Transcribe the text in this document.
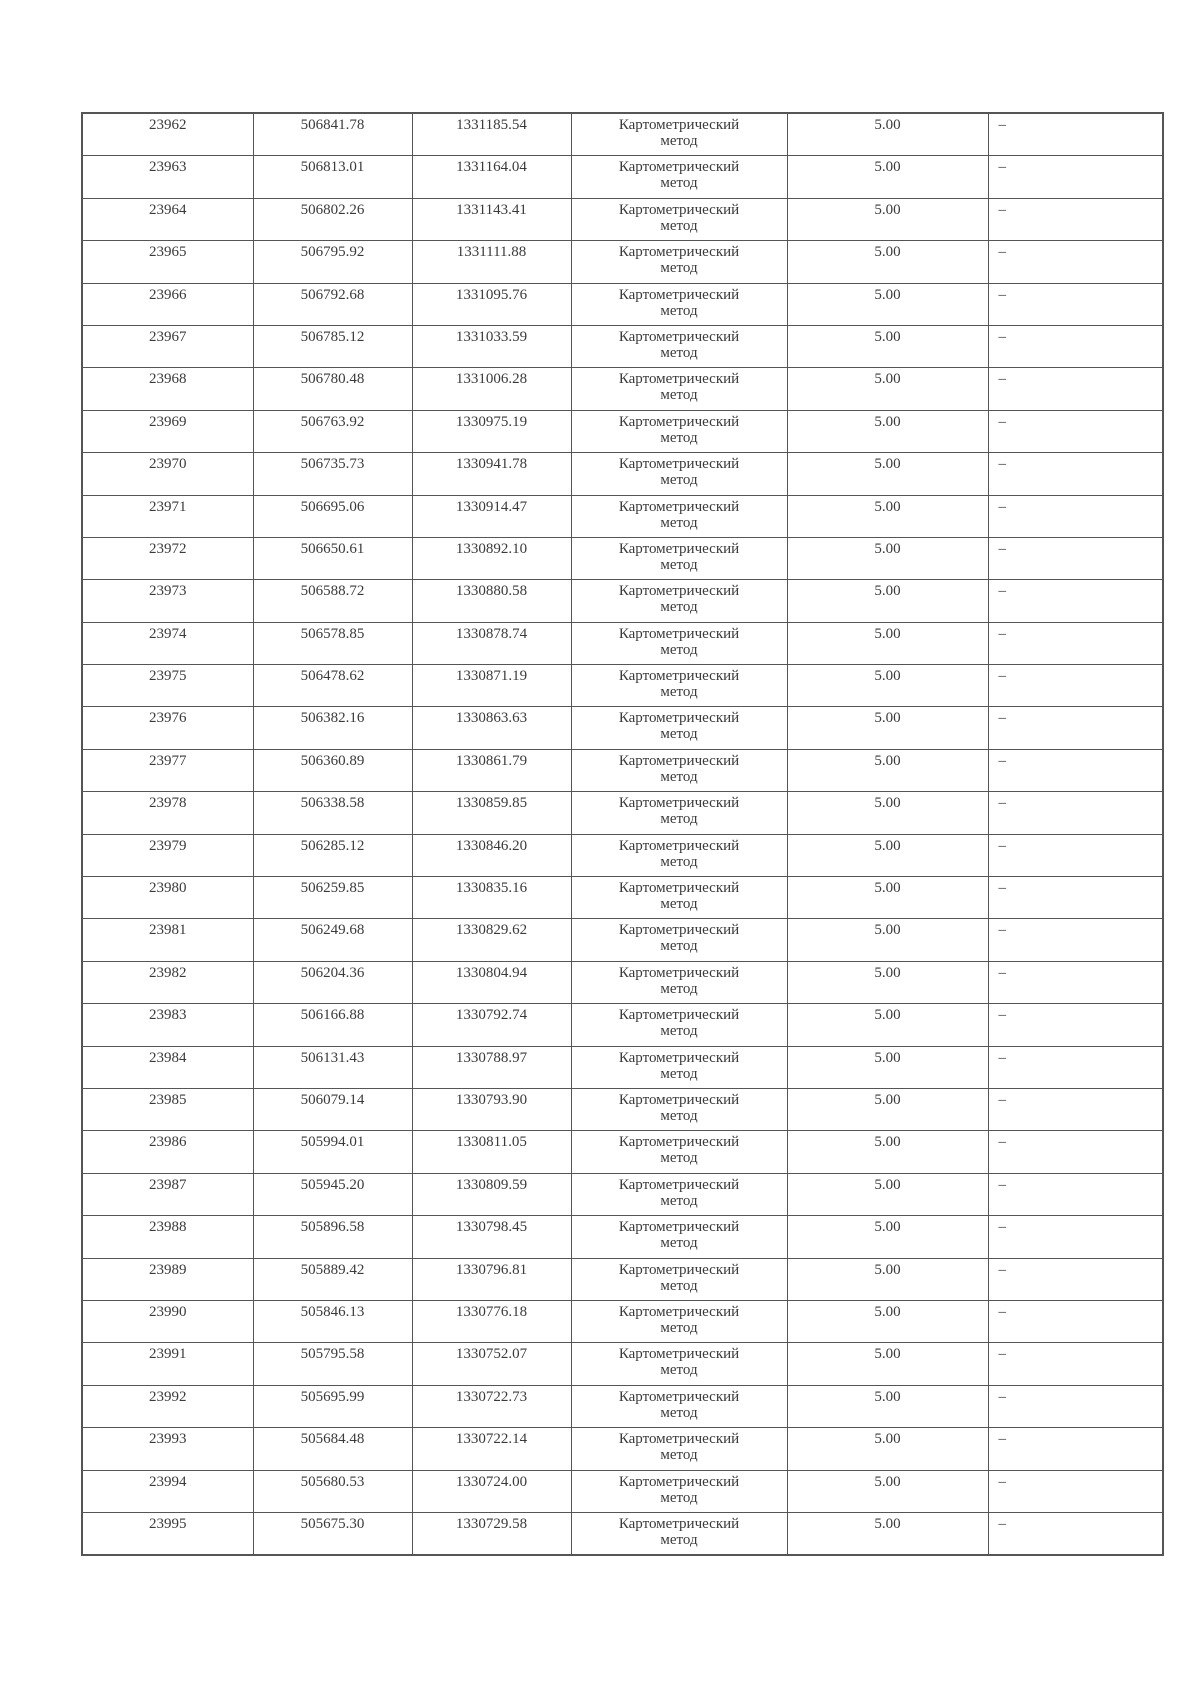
23962	506841.78	1331185.54	Картометрический
метод	5.00	–

23963	506813.01	1331164.04	Картометрический
метод	5.00	–

23964	506802.26	1331143.41	Картометрический
метод	5.00	–

23965	506795.92	1331111.88	Картометрический
метод	5.00	–

23966	506792.68	1331095.76	Картометрический
метод	5.00	–

23967	506785.12	1331033.59	Картометрический
метод	5.00	–

23968	506780.48	1331006.28	Картометрический
метод	5.00	–

23969	506763.92	1330975.19	Картометрический
метод	5.00	–

23970	506735.73	1330941.78	Картометрический
метод	5.00	–

23971	506695.06	1330914.47	Картометрический
метод	5.00	–

23972	506650.61	1330892.10	Картометрический
метод	5.00	–

23973	506588.72	1330880.58	Картометрический
метод	5.00	–

23974	506578.85	1330878.74	Картометрический
метод	5.00	–

23975	506478.62	1330871.19	Картометрический
метод	5.00	–

23976	506382.16	1330863.63	Картометрический
метод	5.00	–

23977	506360.89	1330861.79	Картометрический
метод	5.00	–

23978	506338.58	1330859.85	Картометрический
метод	5.00	–

23979	506285.12	1330846.20	Картометрический
метод	5.00	–

23980	506259.85	1330835.16	Картометрический
метод	5.00	–

23981	506249.68	1330829.62	Картометрический
метод	5.00	–

23982	506204.36	1330804.94	Картометрический
метод	5.00	–

23983	506166.88	1330792.74	Картометрический
метод	5.00	–

23984	506131.43	1330788.97	Картометрический
метод	5.00	–

23985	506079.14	1330793.90	Картометрический
метод	5.00	–

23986	505994.01	1330811.05	Картометрический
метод	5.00	–

23987	505945.20	1330809.59	Картометрический
метод	5.00	–

23988	505896.58	1330798.45	Картометрический
метод	5.00	–

23989	505889.42	1330796.81	Картометрический
метод	5.00	–

23990	505846.13	1330776.18	Картометрический
метод	5.00	–

23991	505795.58	1330752.07	Картометрический
метод	5.00	–

23992	505695.99	1330722.73	Картометрический
метод	5.00	–

23993	505684.48	1330722.14	Картометрический
метод	5.00	–

23994	505680.53	1330724.00	Картометрический
метод	5.00	–

23995	505675.30	1330729.58	Картометрический
метод	5.00	–
